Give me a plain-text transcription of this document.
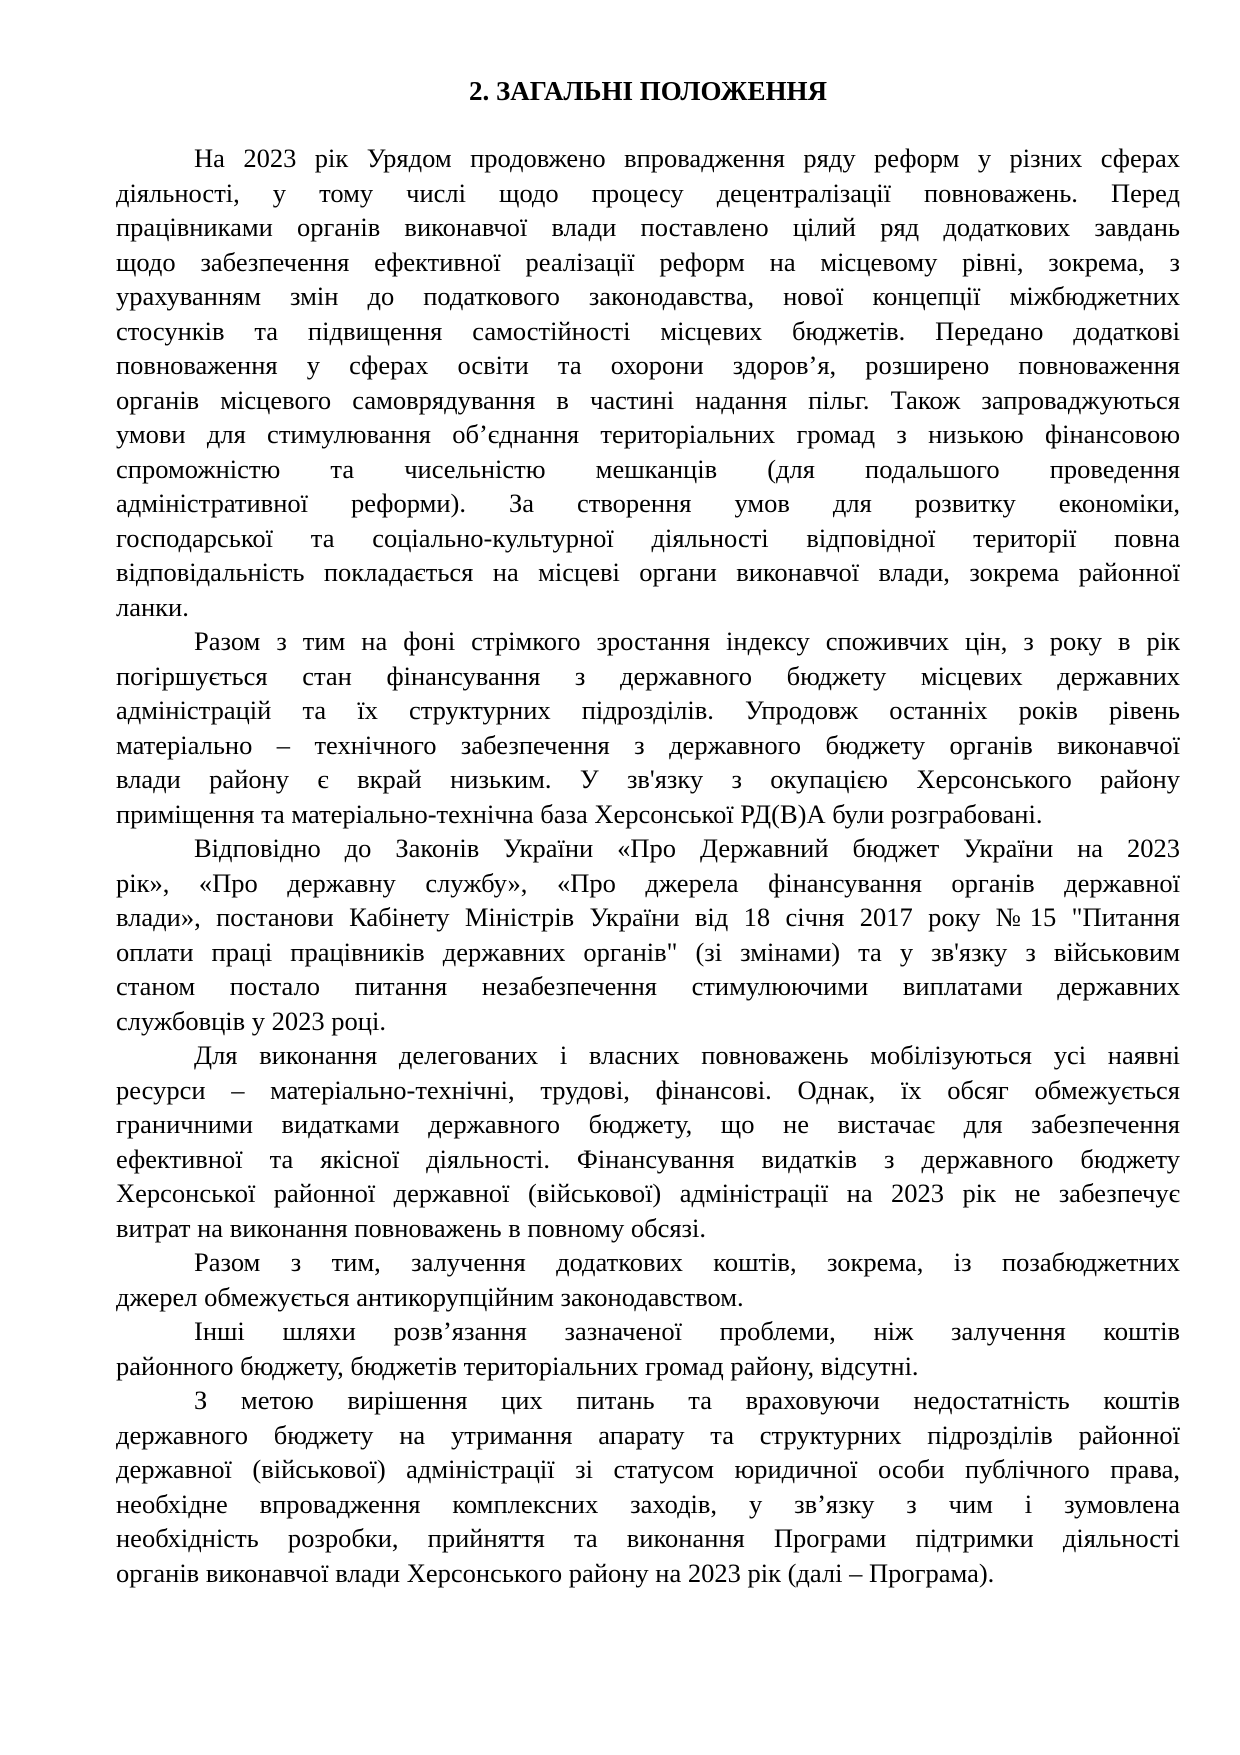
2. ЗАГАЛЬНІ ПОЛОЖЕННЯ
На 2023 рік Урядом продовжено впровадження ряду реформ у різних сферах
діяльності, у тому числі щодо процесу децентралізації повноважень. Перед
працівниками органів виконавчої влади поставлено цілий ряд додаткових завдань
щодо забезпечення ефективної реалізації реформ на місцевому рівні, зокрема, з
урахуванням змін до податкового законодавства, нової концепції міжбюджетних
стосунків та підвищення самостійності місцевих бюджетів. Передано додаткові
повноваження у сферах освіти та охорони здоров’я, розширено повноваження
органів місцевого самоврядування в частині надання пільг. Також запроваджуються
умови для стимулювання об’єднання територіальних громад з низькою фінансовою
спроможністю та чисельністю мешканців (для подальшого проведення
адміністративної реформи). За створення умов для розвитку економіки,
господарської та соціально-культурної діяльності відповідної території повна
відповідальність покладається на місцеві органи виконавчої влади, зокрема районної
ланки.
Разом з тим на фоні стрімкого зростання індексу споживчих цін, з року в рік
погіршується стан фінансування з державного бюджету місцевих державних
адміністрацій та їх структурних підрозділів. Упродовж останніх років рівень
матеріально – технічного забезпечення з державного бюджету органів виконавчої
влади району є вкрай низьким. У зв'язку з окупацією Херсонського району
приміщення та матеріально-технічна база Херсонської РД(В)А були розграбовані.
Відповідно до Законів України «Про Державний бюджет України на 2023
рік», «Про державну службу», «Про джерела фінансування органів державної
влади», постанови Кабінету Міністрів України від 18 січня 2017 року №15 "Питання
оплати праці працівників державних органів" (зі змінами) та у зв'язку з військовим
станом постало питання незабезпечення стимулюючими виплатами державних
службовців у 2023 році.
Для виконання делегованих і власних повноважень мобілізуються усі наявні
ресурси – матеріально-технічні, трудові, фінансові. Однак, їх обсяг обмежується
граничними видатками державного бюджету, що не вистачає для забезпечення
ефективної та якісної діяльності. Фінансування видатків з державного бюджету
Херсонської районної державної (військової) адміністрації на 2023 рік не забезпечує
витрат на виконання повноважень в повному обсязі.
Разом з тим, залучення додаткових коштів, зокрема, із позабюджетних
джерел обмежується антикорупційним законодавством.
Інші шляхи розв’язання зазначеної проблеми, ніж залучення коштів
районного бюджету, бюджетів територіальних громад району, відсутні.
З метою вирішення цих питань та враховуючи недостатність коштів
державного бюджету на утримання апарату та структурних підрозділів районної
державної (військової) адміністрації зі статусом юридичної особи публічного права,
необхідне впровадження комплексних заходів, у зв’язку з чим і зумовлена
необхідність розробки, прийняття та виконання Програми підтримки діяльності
органів виконавчої влади Херсонського району на 2023 рік (далі – Програма).
